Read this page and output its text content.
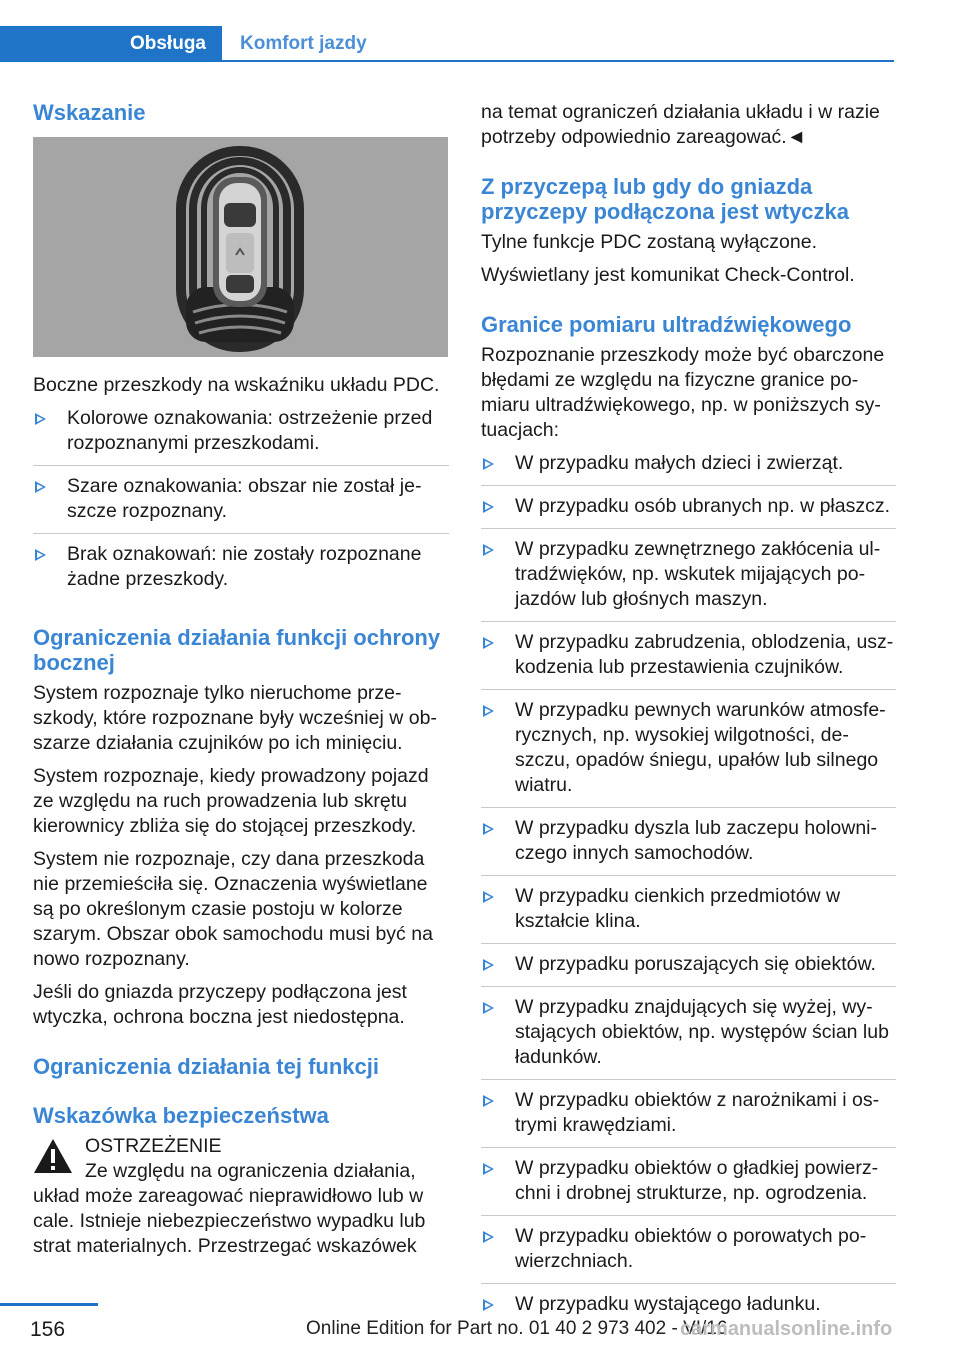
Obsługa	Komfort jazdy
Wskazanie

Boczne przeszkody na wskaźniku układu PDC.

Kolorowe oznakowania: ostrzeżenie przed rozpoznanymi przeszkodami.
Szare oznakowania: obszar nie został jeszcze rozpoznany.
Brak oznakowań: nie zostały rozpoznane żadne przeszkody.
Ograniczenia działania funkcji ochrony bocznej

System rozpoznaje tylko nieruchome przeszkody, które rozpoznane były wcześniej w obszarze działania czujników po ich minięciu.

System rozpoznaje, kiedy prowadzony pojazd ze względu na ruch prowadzenia lub skrętu kierownicy zbliża się do stojącej przeszkody.

System nie rozpoznaje, czy dana przeszkoda nie przemieściła się. Oznaczenia wyświetlane są po określonym czasie postoju w kolorze szarym. Obszar obok samochodu musi być na nowo rozpoznany.

Jeśli do gniazda przyczepy podłączona jest wtyczka, ochrona boczna jest niedostępna.

Ograniczenia działania tej funkcji
Wskazówka bezpieczeństwa
OSTRZEŻENIE
Ze względu na ograniczenia działania,

układ może zareagować nieprawidłowo lub w cale. Istnieje niebezpieczeństwo wypadku lub strat materialnych. Przestrzegać wskazówek

na temat ograniczeń działania układu i w razie potrzeby odpowiednio zareagować.◄

Z przyczepą lub gdy do gniazda przyczepy podłączona jest wtyczka

Tylne funkcje PDC zostaną wyłączone.

Wyświetlany jest komunikat Check-Control.

Granice pomiaru ultradźwiękowego

Rozpoznanie przeszkody może być obarczone błędami ze względu na fizyczne granice pomiaru ultradźwiękowego, np. w poniższych sytuacjach:

W przypadku małych dzieci i zwierząt.
W przypadku osób ubranych np. w płaszcz.
W przypadku zewnętrznego zakłócenia ultradźwięków, np. wskutek mijających pojazdów lub głośnych maszyn.
W przypadku zabrudzenia, oblodzenia, uszkodzenia lub przestawienia czujników.
W przypadku pewnych warunków atmosferycznych, np. wysokiej wilgotności, deszczu, opadów śniegu, upałów lub silnego wiatru.
W przypadku dyszla lub zaczepu holowniczego innych samochodów.
W przypadku cienkich przedmiotów w kształcie klina.
W przypadku poruszających się obiektów.
W przypadku znajdujących się wyżej, wystających obiektów, np. występów ścian lub ładunków.
W przypadku obiektów z narożnikami i ostrymi krawędziami.
W przypadku obiektów o gładkiej powierzchni i drobnej strukturze, np. ogrodzenia.
W przypadku obiektów o porowatych powierzchniach.
W przypadku wystającego ładunku.
156	Online Edition for Part no. 01 40 2 973 402 - VI/16
carmanualsonline.info
